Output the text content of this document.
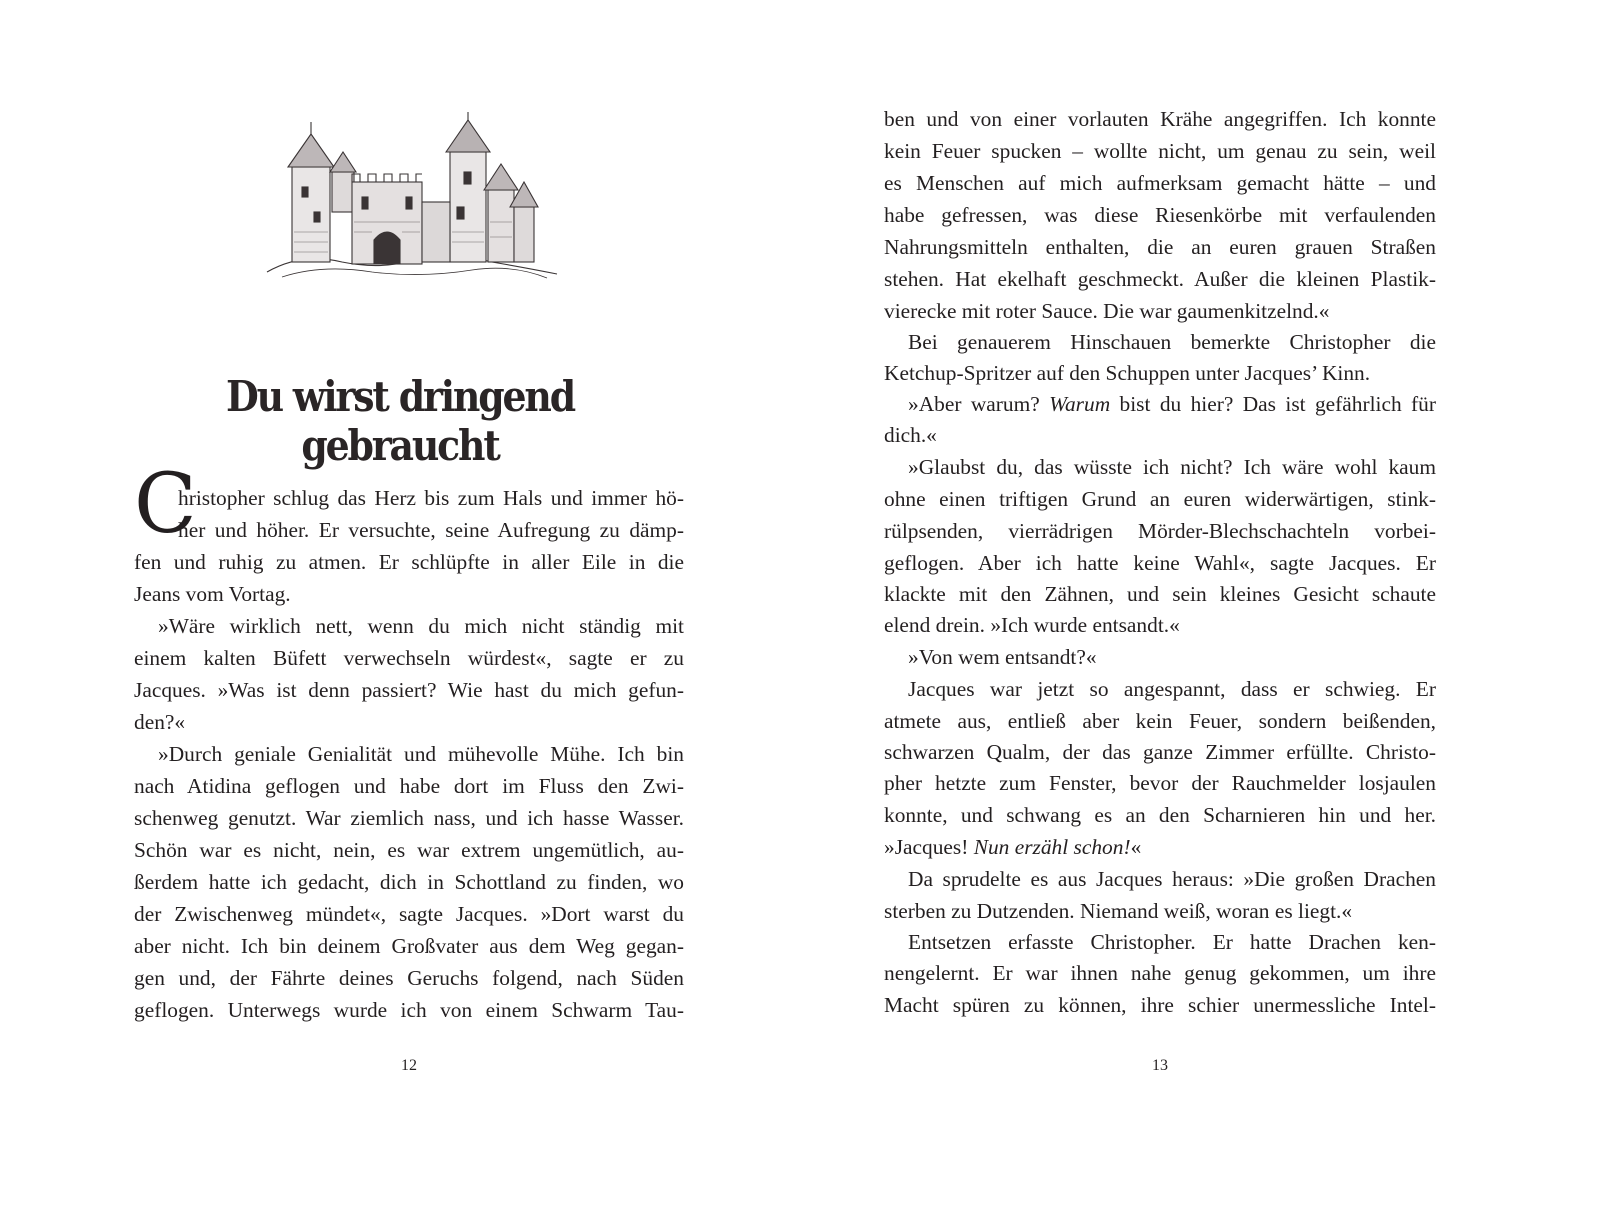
Du wirst dringend gebraucht
C

hristopher schlug das Herz bis zum Hals und immer hö-

her und höher. Er versuchte, seine Aufregung zu dämp-

fen und ruhig zu atmen. Er schlüpfte in aller Eile in die

Jeans vom Vortag.

»Wäre wirklich nett, wenn du mich nicht ständig mit

einem kalten Büfett verwechseln würdest«, sagte er zu

Jacques. »Was ist denn passiert? Wie hast du mich gefun-

den?«

»Durch geniale Genialität und mühevolle Mühe. Ich bin

nach Atidina geflogen und habe dort im Fluss den Zwi-

schenweg genutzt. War ziemlich nass, und ich hasse Wasser.

Schön war es nicht, nein, es war extrem ungemütlich, au-

ßerdem hatte ich gedacht, dich in Schottland zu finden, wo

der Zwischenweg mündet«, sagte Jacques. »Dort warst du

aber nicht. Ich bin deinem Großvater aus dem Weg gegan-

gen und, der Fährte deines Geruchs folgend, nach Süden

geflogen. Unterwegs wurde ich von einem Schwarm Tau-

12

ben und von einer vorlauten Krähe angegriffen. Ich konnte

kein Feuer spucken – wollte nicht, um genau zu sein, weil

es Menschen auf mich aufmerksam gemacht hätte – und

habe gefressen, was diese Riesenkörbe mit verfaulenden

Nahrungsmitteln enthalten, die an euren grauen Straßen

stehen. Hat ekelhaft geschmeckt. Außer die kleinen Plastik-

vierecke mit roter Sauce. Die war gaumenkitzelnd.«

Bei genauerem Hinschauen bemerkte Christopher die

Ketchup-Spritzer auf den Schuppen unter Jacques’ Kinn.

»Aber warum? Warum bist du hier? Das ist gefährlich für

dich.«

»Glaubst du, das wüsste ich nicht? Ich wäre wohl kaum

ohne einen triftigen Grund an euren widerwärtigen, stink-

rülpsenden, vierrädrigen Mörder-Blechschachteln vorbei-

geflogen. Aber ich hatte keine Wahl«, sagte Jacques. Er

klackte mit den Zähnen, und sein kleines Gesicht schaute

elend drein. »Ich wurde entsandt.«

»Von wem entsandt?«

Jacques war jetzt so angespannt, dass er schwieg. Er

atmete aus, entließ aber kein Feuer, sondern beißenden,

schwarzen Qualm, der das ganze Zimmer erfüllte. Christo-

pher hetzte zum Fenster, bevor der Rauchmelder losjaulen

konnte, und schwang es an den Scharnieren hin und her.

»Jacques! Nun erzähl schon!«

Da sprudelte es aus Jacques heraus: »Die großen Drachen

sterben zu Dutzenden. Niemand weiß, woran es liegt.«

Entsetzen erfasste Christopher. Er hatte Drachen ken-

nengelernt. Er war ihnen nahe genug gekommen, um ihre

Macht spüren zu können, ihre schier unermessliche Intel-

13
